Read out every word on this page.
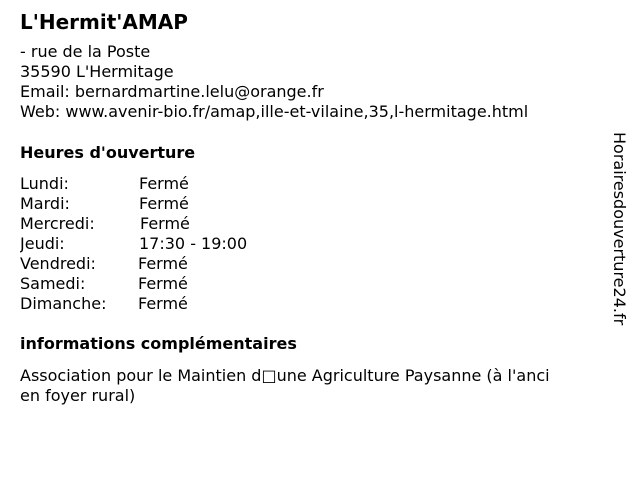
L'Hermit'AMAP
- rue de la Poste
35590 L'Hermitage
Email: bernardmartine.lelu@orange.fr
Web: www.avenir-bio.fr/amap,ille-et-vilaine,35,l-hermitage.html
Heures d'ouverture
Lundi:	Fermé
Mardi:	Fermé
Mercredi:	Fermé
Jeudi:	17:30 - 19:00
Vendredi:	Fermé
Samedi:	Fermé
Dimanche:	Fermé
informations complémentaires
Association pour le Maintien d□une Agriculture Paysanne (à l'anci
en foyer rural)
Horairesdouverture24.fr
